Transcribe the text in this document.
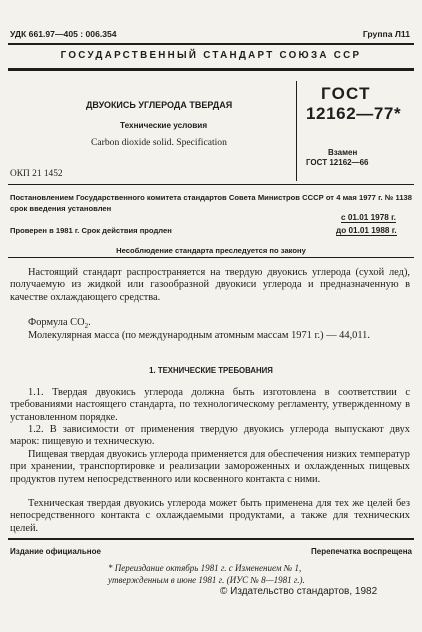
УДК 661.97—405 : 006.354	Группа Л11
ГОСУДАРСТВЕННЫЙ СТАНДАРТ СОЮЗА ССР
ДВУОКИСЬ УГЛЕРОДА ТВЕРДАЯ
Технические условия
Carbon dioxide solid. Specification
ГОСТ
12162—77*
Взамен
ГОСТ 12162—66
ОКП 21 1452
Постановлением Государственного комитета стандартов Совета Министров СССР от 4 мая 1977 г. № 1138 срок введения установлен
с 01.01 1978 г.
Проверен в 1981 г. Срок действия продлен	до 01.01 1988 г.
Несоблюдение стандарта преследуется по закону
Настоящий стандарт распространяется на твердую двуокись углерода (сухой лед), получаемую из жидкой или газообразной двуокиси углерода и предназначенную в качестве охлаждающего средства.
Формула $CO_2$.
Молекулярная масса (по международным атомным массам 1971 г.) — 44,011.
1. ТЕХНИЧЕСКИЕ ТРЕБОВАНИЯ
1.1. Твердая двуокись углерода должна быть изготовлена в соответствии с требованиями настоящего стандарта, по технологическому регламенту, утвержденному в установленном порядке.
1.2. В зависимости от применения твердую двуокись углерода выпускают двух марок: пищевую и техническую.
Пищевая твердая двуокись углерода применяется для обеспечения низких температур при хранении, транспортировке и реализации замороженных и охлажденных пищевых продуктов путем непосредственного или косвенного контакта с ними.
Техническая твердая двуокись углерода может быть применена для тех же целей без непосредственного контакта с охлаждаемыми продуктами, а также для технических целей.
Издание официальное	Перепечатка воспрещена
* Переиздание октябрь 1981 г. с Изменением № 1,
утвержденным в июне 1981 г. (ИУС № 8—1981 г.).
© Издательство стандартов, 1982
